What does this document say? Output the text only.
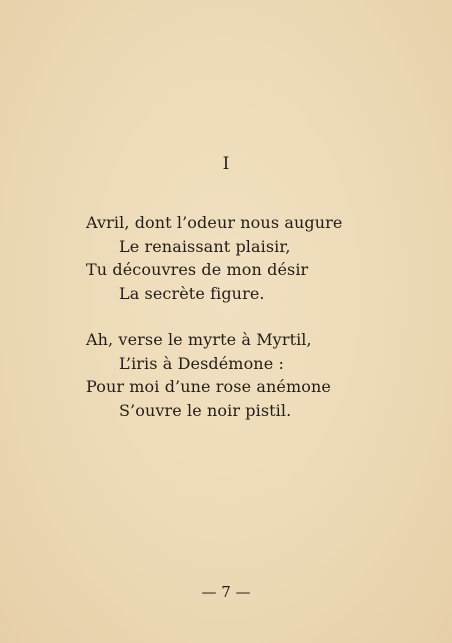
I
Avril, dont l’odeur nous augure
Le renaissant plaisir,
Tu découvres de mon désir
La secrète figure.
Ah, verse le myrte à Myrtil,
L’iris à Desdémone :
Pour moi d’une rose anémone
S’ouvre le noir pistil.
— 7 —
